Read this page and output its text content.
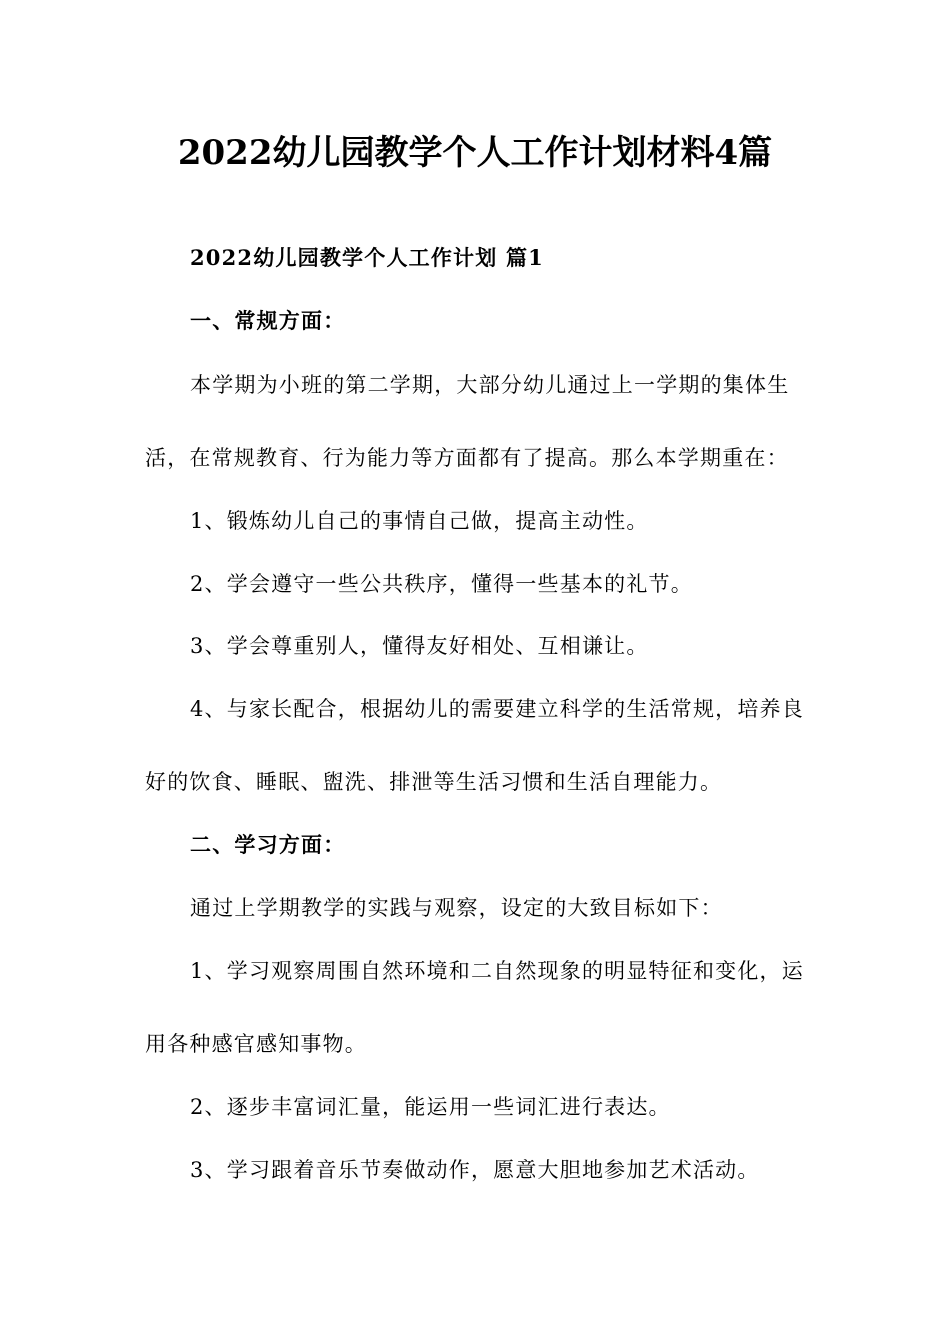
2022幼儿园教学个人工作计划材料4篇

2022幼儿园教学个人工作计划 篇1

一、常规方面：

本学期为小班的第二学期，大部分幼儿通过上一学期的集体生

活，在常规教育、行为能力等方面都有了提高。那么本学期重在：

1、锻炼幼儿自己的事情自己做，提高主动性。

2、学会遵守一些公共秩序，懂得一些基本的礼节。

3、学会尊重别人，懂得友好相处、互相谦让。

4、与家长配合，根据幼儿的需要建立科学的生活常规，培养良

好的饮食、睡眠、盥洗、排泄等生活习惯和生活自理能力。

二、学习方面：

通过上学期教学的实践与观察，设定的大致目标如下：

1、学习观察周围自然环境和二自然现象的明显特征和变化，运

用各种感官感知事物。

2、逐步丰富词汇量，能运用一些词汇进行表达。

3、学习跟着音乐节奏做动作，愿意大胆地参加艺术活动。
